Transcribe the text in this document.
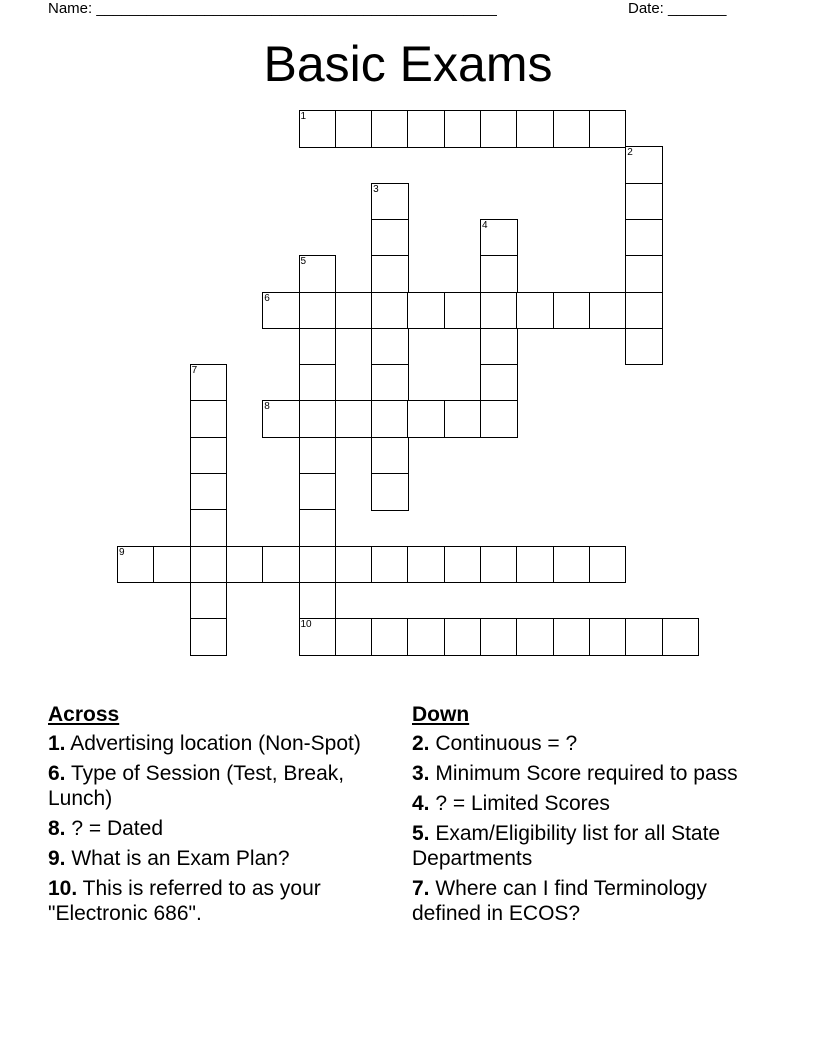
Name: ________________________________________________	Date: _______
Basic Exams
1
2
3
4
5
6
7
8
9
10
Across
1. Advertising location (Non-Spot)
6. Type of Session (Test, Break, Lunch)
8. ? = Dated
9. What is an Exam Plan?
10. This is referred to as your "Electronic 686".
Down
2. Continuous = ?
3. Minimum Score required to pass
4. ? = Limited Scores
5. Exam/Eligibility list for all State Departments
7. Where can I find Terminology defined in ECOS?
